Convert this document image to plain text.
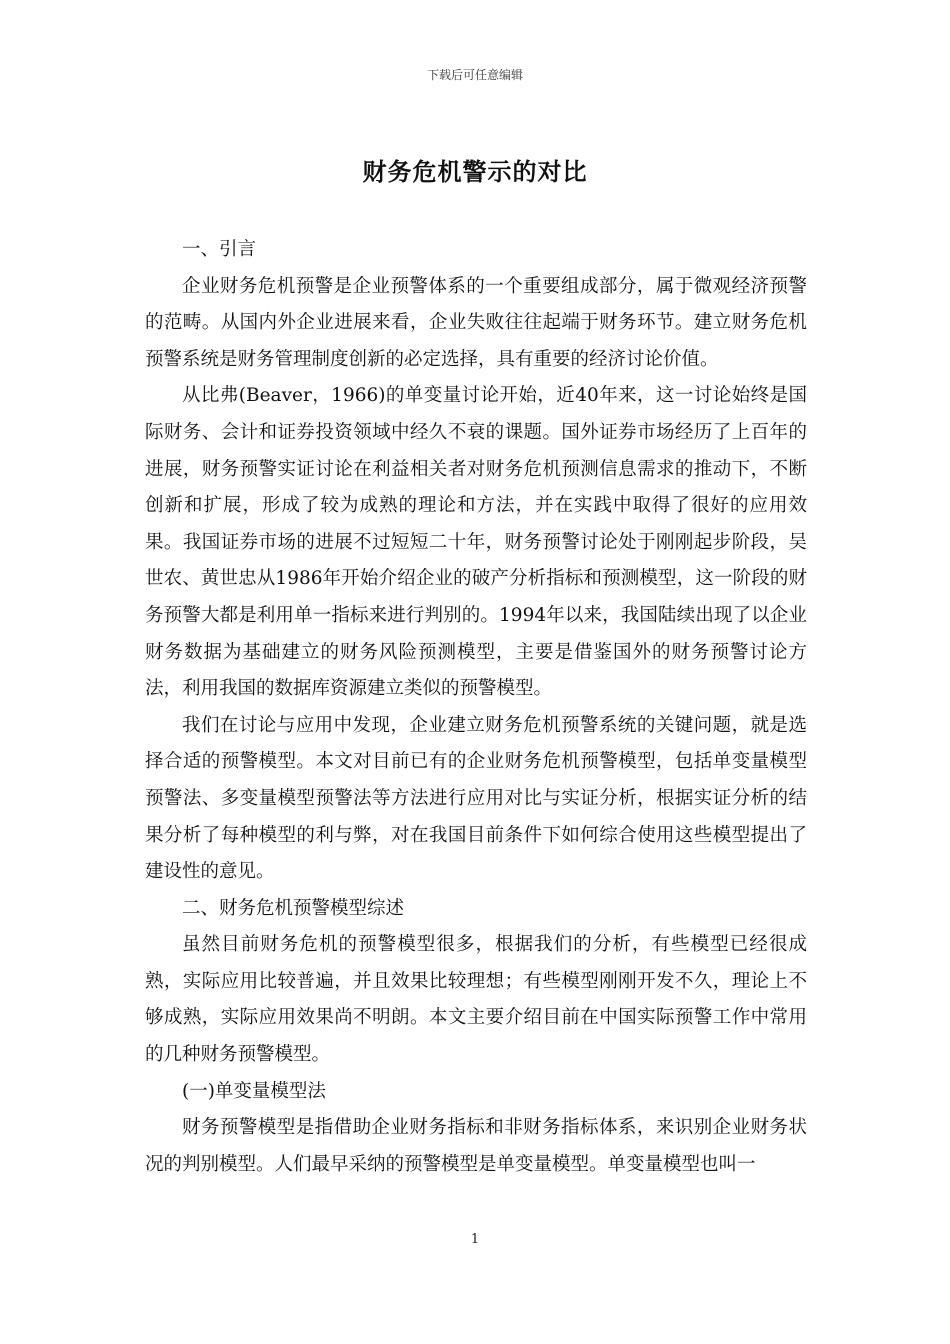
下载后可任意编辑
财务危机警示的对比

一、引言

企业财务危机预警是企业预警体系的一个重要组成部分，属于微观经济预警的范畴。从国内外企业进展来看，企业失败往往起端于财务环节。建立财务危机预警系统是财务管理制度创新的必定选择，具有重要的经济讨论价值。

从比弗(Beaver，1966)的单变量讨论开始，近40年来，这一讨论始终是国际财务、会计和证券投资领域中经久不衰的课题。国外证券市场经历了上百年的进展，财务预警实证讨论在利益相关者对财务危机预测信息需求的推动下，不断创新和扩展，形成了较为成熟的理论和方法，并在实践中取得了很好的应用效果。我国证券市场的进展不过短短二十年，财务预警讨论处于刚刚起步阶段，吴世农、黄世忠从1986年开始介绍企业的破产分析指标和预测模型，这一阶段的财务预警大都是利用单一指标来进行判别的。1994年以来，我国陆续出现了以企业财务数据为基础建立的财务风险预测模型，主要是借鉴国外的财务预警讨论方法，利用我国的数据库资源建立类似的预警模型。

我们在讨论与应用中发现，企业建立财务危机预警系统的关键问题，就是选择合适的预警模型。本文对目前已有的企业财务危机预警模型，包括单变量模型预警法、多变量模型预警法等方法进行应用对比与实证分析，根据实证分析的结果分析了每种模型的利与弊，对在我国目前条件下如何综合使用这些模型提出了建设性的意见。

二、财务危机预警模型综述

虽然目前财务危机的预警模型很多，根据我们的分析，有些模型已经很成熟，实际应用比较普遍，并且效果比较理想；有些模型刚刚开发不久，理论上不够成熟，实际应用效果尚不明朗。本文主要介绍目前在中国实际预警工作中常用的几种财务预警模型。

(一)单变量模型法

财务预警模型是指借助企业财务指标和非财务指标体系，来识别企业财务状况的判别模型。人们最早采纳的预警模型是单变量模型。单变量模型也叫一

1
